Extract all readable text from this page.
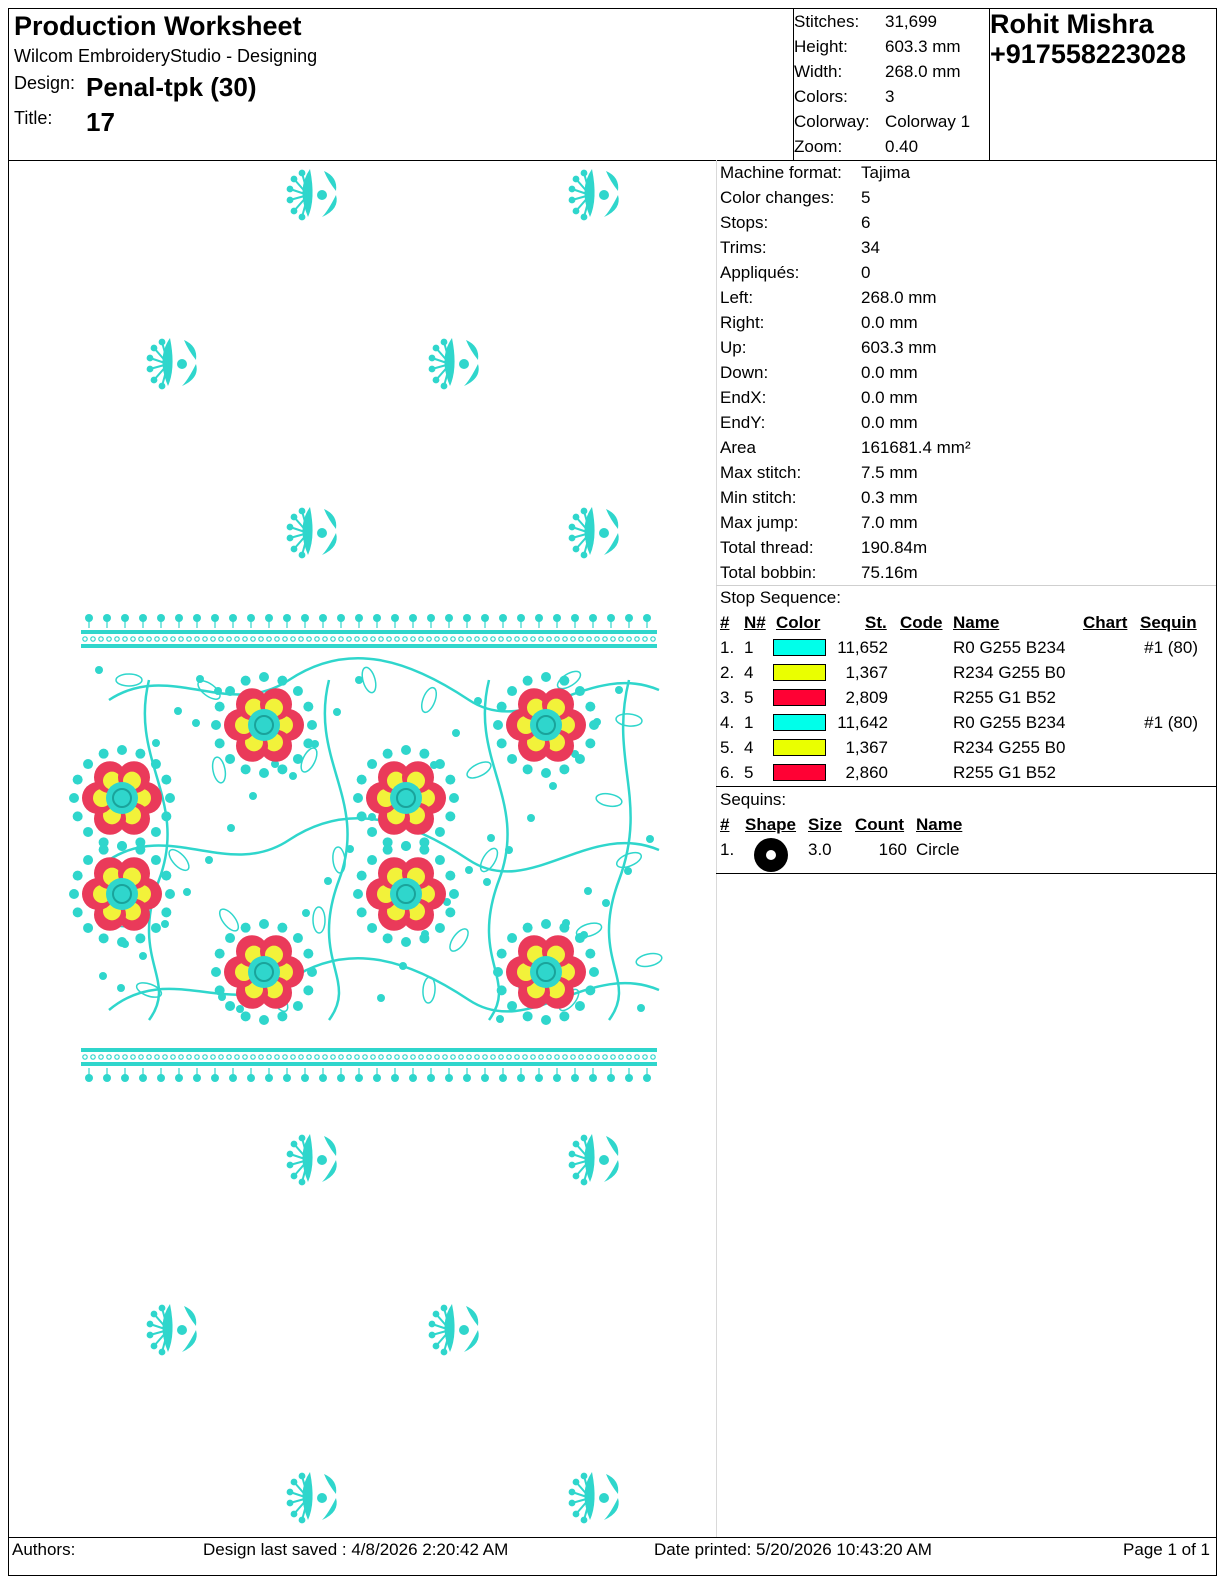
Production Worksheet
Wilcom EmbroideryStudio - Designing
Design: Penal-tpk (30)
Title: 17
Stitches: 31,699
Height: 603.3 mm
Width:	268.0 mm
Colors: 3
Colorway: Colorway 1
Zoom:	0.40
Rohit Mishra
+917558223028
Machine format: Tajima
Color changes: 5
Stops:	6
Trims:	34
Appliqués:	0
Left:	268.0 mm
Right:	0.0 mm
Up:	603.3 mm
Down:	0.0 mm
EndX:	0.0 mm
EndY:	0.0 mm
Area	161681.4 mm²
Max stitch:	7.5 mm
Min stitch:	0.3 mm
Max jump:	7.0 mm
Total thread:	190.84m
Total bobbin:	75.16m
Stop Sequence:
# N# Color	St. Code Name	Chart Sequin
1. 1	11,652	R0 G255 B234	#1 (80)
2. 4	1,367	R234 G255 B0
3. 5	2,809	R255 G1 B52
4. 1	11,642	R0 G255 B234	#1 (80)
5. 4	1,367	R234 G255 B0
6. 5	2,860	R255 G1 B52
Sequins:
# Shape Size Count Name
1.	3.0	160 Circle
Authors:	Design last saved : 4/8/2026 2:20:42 AM	Date printed: 5/20/2026 10:43:20 AM	Page 1 of 1
